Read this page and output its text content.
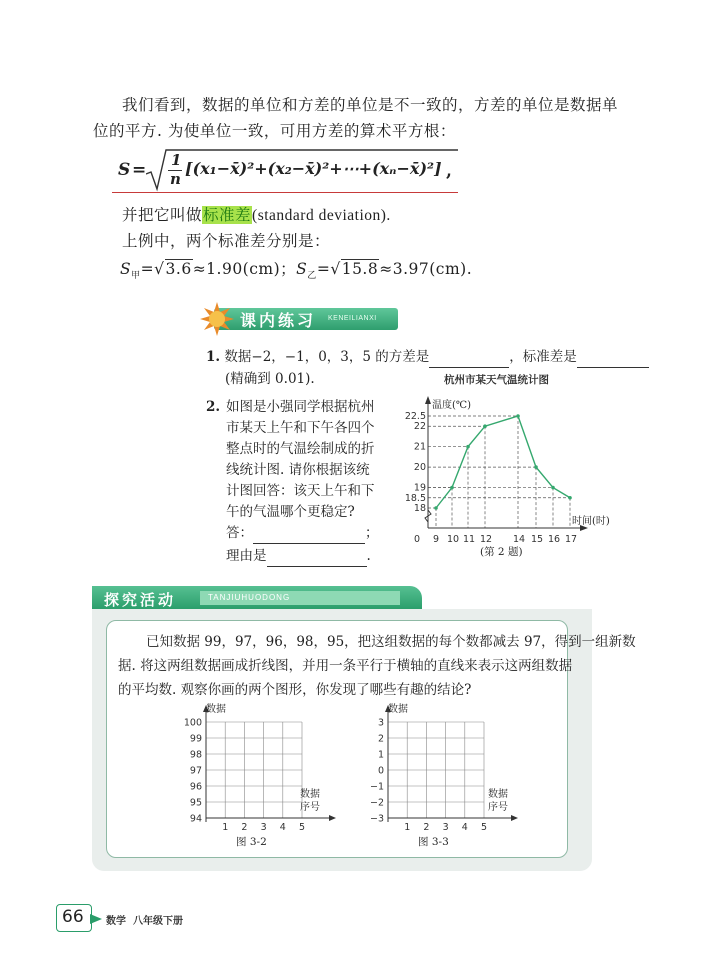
我们看到，数据的单位和方差的单位是不一致的，方差的单位是数据单
位的平方. 为使单位一致，可用方差的算术平方根：
S = 1
n
[(x₁−x̄)²+(x₂−x̄)²+⋯+(xₙ−x̄)²] ,
并把它叫做标准差(standard deviation).
上例中，两个标准差分别是：
$S_甲=√3.6\approx 1.90(cm)$；$S_乙=√15.8\approx 3.97(cm)$.
课内练习 KENEILIANXI
1. 数据−2，−1，0，3，5 的方差是	，标准差是
(精确到 0.01).
2. 如图是小强同学根据杭州
市某天上午和下午各四个
整点时的气温绘制成的折
线统计图. 请你根据该统
计图回答：该天上午和下
午的气温哪个更稳定?
答：	；
理由是	.
杭州市某天气温统计图
9 10 11 12 14 15 16 17
18
18.5
19
20
21
22
22.5
0
温度(℃)
时间(时)
(第 2 题)
探究活动	TANJIUHUODONG
已知数据 99，97，96，98，95，把这组数据的每个数都减去 97，得到一组新数
据. 将这两组数据画成折线图，并用一条平行于横轴的直线来表示这两组数据
的平均数. 观察你画的两个图形，你发现了哪些有趣的结论?
94
95
96
97
98
99
100
1 2 3 4 5
数据
数据
序号
图 3-2
−3
−2
−1
0
1
2
3
1 2 3 4 5
数据
数据
序号
图 3-3
66 数学  八年级下册
